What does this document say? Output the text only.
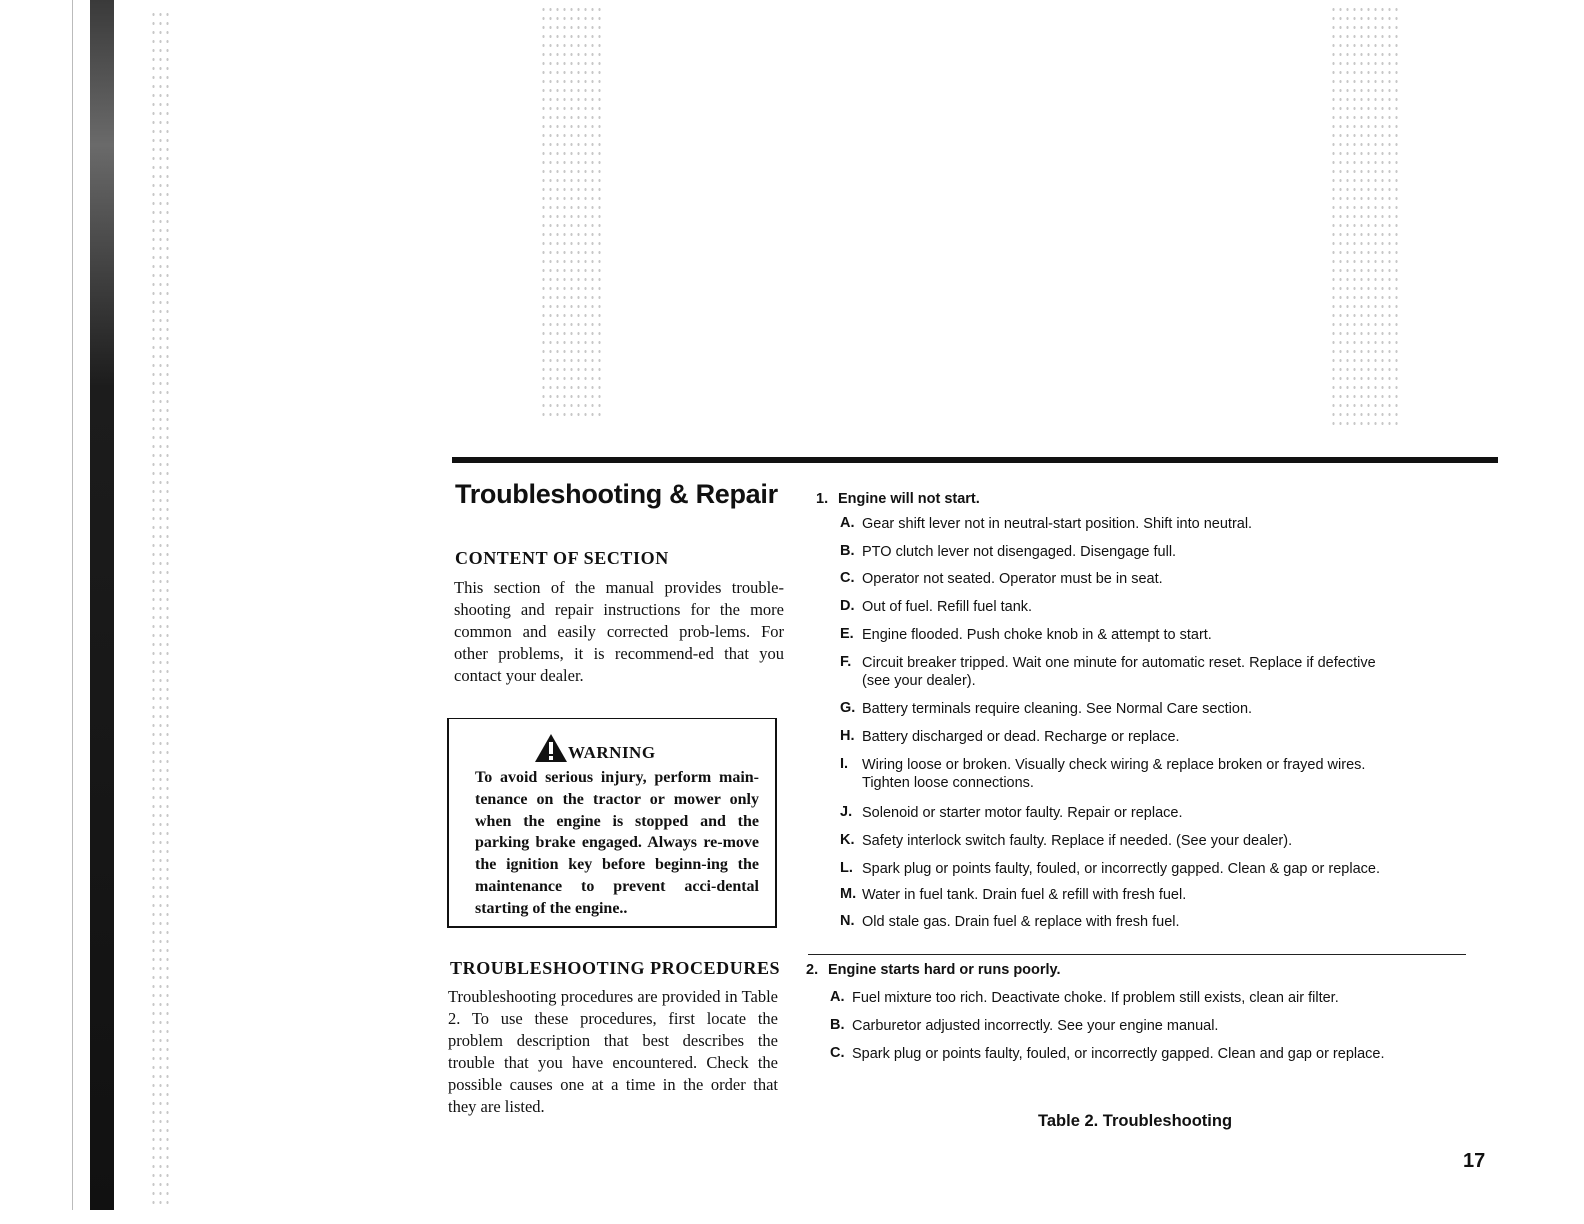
Troubleshooting & Repair
CONTENT OF SECTION

This section of the manual provides trouble-shooting and repair instructions for the more common and easily corrected prob-lems. For other problems, it is recommend-ed that you contact your dealer.

WARNING

To avoid serious injury, perform main-tenance on the tractor or mower only when the engine is stopped and the parking brake engaged. Always re-move the ignition key before beginn-ing the maintenance to prevent acci-dental starting of the engine..

TROUBLESHOOTING PROCEDURES

Troubleshooting procedures are provided in Table 2. To use these procedures, first locate the problem description that best describes the trouble that you have encountered. Check the possible causes one at a time in the order that they are listed.

1. Engine will not start.

A. Gear shift lever not in neutral-start position. Shift into neutral.
B. PTO clutch lever not disengaged. Disengage full.
C. Operator not seated. Operator must be in seat.
D. Out of fuel. Refill fuel tank.
E. Engine flooded. Push choke knob in & attempt to start.
F. Circuit breaker tripped. Wait one minute for automatic reset. Replace if defective
(see your dealer).
G. Battery terminals require cleaning. See Normal Care section.
H. Battery discharged or dead. Recharge or replace.
I. Wiring loose or broken. Visually check wiring & replace broken or frayed wires.
Tighten loose connections.
J. Solenoid or starter motor faulty. Repair or replace.
K. Safety interlock switch faulty. Replace if needed. (See your dealer).
L. Spark plug or points faulty, fouled, or incorrectly gapped. Clean & gap or replace.
M. Water in fuel tank. Drain fuel & refill with fresh fuel.
N. Old stale gas. Drain fuel & replace with fresh fuel.

2. Engine starts hard or runs poorly.

A. Fuel mixture too rich. Deactivate choke. If problem still exists, clean air filter.
B. Carburetor adjusted incorrectly. See your engine manual.
C. Spark plug or points faulty, fouled, or incorrectly gapped. Clean and gap or replace.

Table 2. Troubleshooting

17
